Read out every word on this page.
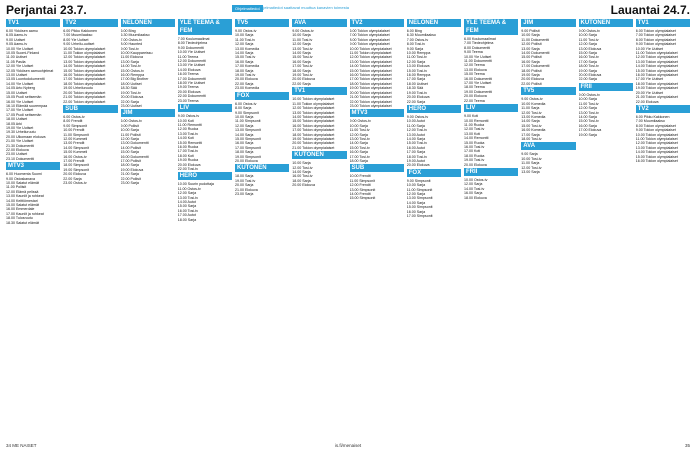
Perjantai 23.7.	Ohjelmatiedot
Ohjelmatiedot saattavat muuttua kanavien toimesta	Lauantai 24.7.
TV1
6.00 Ykkösen aamu
6.05 Aamu-tv
9.00 Uutiset
9.05 Aamu-tv
10.00 Yle Uutiset
10.05 Suomi-Finland
11.00 Uutiset
11.05 Pasila
12.00 Yle Uutiset
12.05 Ykkösen aamuohjelmat
13.00 Uutiset
13.05 Luontodokumentti
14.00 Yle Uutiset
14.05 Arto Nyberg
15.00 Uutiset
15.05 Puoli seitsemän
16.00 Yle Uutiset
16.10 Elämää suurempaa
17.00 Yle Uutiset
17.05 Puoli seitsemän
18.00 Uutiset
18.05 Arki
19.00 Yle Uutiset
19.30 Urheiluruutu
20.00 Ulkomaan elokuva
21.00 Yle Uutiset
21.30 Dokumentti
22.00 Elokuva
23.00 Uutiset
23.10 Dokumentti
MTV3
6.00 Huomenta Suomi
9.00 Ostoskanava
10.00 Salatut elämät
11.00 Poliisit
12.00 Elämä pelissä
13.00 Kauniit ja rohkeat
14.00 Keittiömestari
15.00 Salatut elämät
16.00 Emmerdale
17.00 Kauniit ja rohkeat
18.00 Tulosruutu
18.30 Salatut elämät
TV2
6.00 Pikku Kakkonen
7.00 Muumilaakso
8.00 Yle Uutiset
9.00 Urheilu-uutiset
10.00 Tokion olympialaiset
11.00 Tokion olympialaiset
12.00 Tokion olympialaiset
13.00 Tokion olympialaiset
14.00 Tokion olympialaiset
15.00 Tokion olympialaiset
16.00 Tokion olympialaiset
17.00 Tokion olympialaiset
18.00 Tokion olympialaiset
19.00 Urheiluruutu
20.00 Tokion olympialaiset
21.00 Tokion olympialaiset
22.00 Tokion olympialaiset
SUB
6.00 Ostos-tv
8.00 Frendit
9.00 Simpsonit
10.00 Frendit
11.00 Simpsonit
12.00 Kummeli
13.00 Frendit
14.00 Simpsonit
15.00 Kummeli
16.00 Ostos-tv
17.00 Frendit
18.00 Simpsonit
19.00 Simpsonit
20.00 Elokuva
22.00 Sarja
23.00 Ostos-tv
NELONEN
6.00 Bing
6.30 Muumilaakso
7.00 Ostos-tv
8.00 Haunted
9.00 Tosi-tv
10.00 Kauppareissu
11.00 Elokuva
13.00 Sarja
14.00 Tosi-tv
15.00 Ostos-tv
16.00 Remppa
17.00 Big Brother
18.00 Uutiset
18.30 Sää
19.00 Tosi-tv
20.00 Elokuva
22.00 Sarja
23.00 Uutiset
JIM
6.00 Ostos-tv
9.00 Poliisit
10.00 Sarja
11.00 Poliisit
12.00 Sarja
13.00 Dokumentti
14.00 Poliisit
15.00 Sarja
16.00 Dokumentti
17.00 Poliisit
18.00 Sarja
19.00 Elokuva
21.00 Sarja
22.00 Poliisit
23.00 Sarja
YLE TEEMA & FEM
7.00 Koulumaailmat
8.00 Tiedeohjelma
9.00 Dokumentti
10.00 Yle Uutiset
11.00 Teema
12.00 Dokumentti
13.00 Yle Uutiset
14.00 Elokuva
16.00 Teema
17.00 Dokumentti
18.00 Yle Uutiset
19.00 Teema
20.00 Elokuva
22.00 Dokumentti
23.00 Teema
LIV
9.00 Ostos-tv
10.00 Koti
11.00 Remontti
12.00 Ruoka
13.00 Tosi-tv
14.00 Koti
15.00 Remontti
16.00 Ruoka
17.00 Tosi-tv
18.00 Koti
19.00 Ruoka
20.00 Elokuva
22.00 Tosi-tv
HERO
10.00 Suurin pudottaja
11.00 Ostos-tv
12.00 Sarja
13.00 Tosi-tv
14.00 Autot
15.00 Sarja
16.00 Tosi-tv
17.00 Autot
18.00 Sarja
TV5
9.00 Ostos-tv
10.00 Sarja
11.00 Tosi-tv
12.00 Sarja
13.00 Komedia
14.00 Sarja
15.00 Tosi-tv
16.00 Sarja
17.00 Komedia
18.00 Sarja
19.00 Tosi-tv
20.00 Elokuva
22.00 Sarja
23.00 Komedia
FOX
6.00 Ostos-tv
8.00 Sarja
9.00 Simpsonit
10.00 Sarja
11.00 Simpsonit
12.00 Sarja
13.00 Simpsonit
14.00 Sarja
15.00 Simpsonit
16.00 Sarja
17.00 Simpsonit
18.00 Sarja
19.00 Simpsonit
20.00 Elokuva
KUTONEN
18.00 Sarja
19.00 Tosi-tv
20.00 Sarja
21.00 Elokuva
23.00 Sarja
AVA
9.00 Ostos-tv
10.00 Sarja
11.00 Tosi-tv
12.00 Sarja
13.00 Tosi-tv
14.00 Sarja
15.00 Tosi-tv
16.00 Sarja
17.00 Tosi-tv
18.00 Sarja
19.00 Tosi-tv
20.00 Elokuva
22.00 Sarja
TV1
10.00 Tokion olympialaiset
11.00 Tokion olympialaiset
12.00 Tokion olympialaiset
13.00 Tokion olympialaiset
14.00 Tokion olympialaiset
15.00 Tokion olympialaiset
16.00 Tokion olympialaiset
17.00 Tokion olympialaiset
18.00 Tokion olympialaiset
19.00 Tokion olympialaiset
20.00 Tokion olympialaiset
21.00 Tokion olympialaiset
KUTONEN
10.00 Sarja
12.00 Tosi-tv
14.00 Sarja
16.00 Tosi-tv
18.00 Sarja
20.00 Elokuva
TV2
6.00 Tokion olympialaiset
7.00 Tokion olympialaiset
8.00 Tokion olympialaiset
9.00 Tokion olympialaiset
10.00 Tokion olympialaiset
11.00 Tokion olympialaiset
12.00 Tokion olympialaiset
13.00 Tokion olympialaiset
14.00 Tokion olympialaiset
15.00 Tokion olympialaiset
16.00 Tokion olympialaiset
17.00 Tokion olympialaiset
18.00 Tokion olympialaiset
19.00 Tokion olympialaiset
20.00 Tokion olympialaiset
21.00 Tokion olympialaiset
22.00 Tokion olympialaiset
23.00 Tokion olympialaiset
MTV3
9.00 Ostos-tv
10.00 Sarja
11.00 Tosi-tv
12.00 Sarja
13.00 Tosi-tv
14.00 Sarja
15.00 Tosi-tv
16.00 Sarja
17.00 Tosi-tv
18.00 Sarja
SUB
10.00 Frendit
11.00 Simpsonit
12.00 Frendit
13.00 Simpsonit
14.00 Frendit
15.00 Simpsonit
NELONEN
6.00 Bing
6.30 Muumilaakso
7.00 Ostos-tv
8.00 Tosi-tv
9.00 Sarja
10.00 Remppa
11.00 Tosi-tv
12.00 Sarja
13.00 Elokuva
15.00 Tosi-tv
16.00 Remppa
17.00 Sarja
18.00 Uutiset
18.30 Sää
19.00 Tosi-tv
20.00 Elokuva
22.00 Sarja
HERO
9.00 Ostos-tv
10.00 Autot
11.00 Sarja
12.00 Tosi-tv
13.00 Autot
14.00 Sarja
15.00 Tosi-tv
16.00 Autot
17.00 Sarja
18.00 Tosi-tv
19.00 Autot
20.00 Elokuva
FOX
9.00 Simpsonit
10.00 Sarja
11.00 Simpsonit
12.00 Sarja
13.00 Simpsonit
14.00 Sarja
15.00 Simpsonit
16.00 Sarja
17.00 Simpsonit
YLE TEEMA & FEM
6.00 Koulumaailmat
7.00 Tiedeohjelma
8.00 Dokumentti
9.00 Teema
10.00 Yle Uutiset
11.00 Dokumentti
12.00 Teema
13.00 Elokuva
15.00 Teema
16.00 Dokumentti
17.00 Yle Uutiset
18.00 Teema
19.00 Dokumentti
20.00 Elokuva
22.00 Teema
LIV
9.00 Koti
10.00 Remontti
11.00 Ruoka
12.00 Tosi-tv
13.00 Koti
14.00 Remontti
15.00 Ruoka
16.00 Tosi-tv
17.00 Koti
18.00 Ruoka
19.00 Tosi-tv
20.00 Elokuva
FRII
10.00 Ostos-tv
12.00 Sarja
14.00 Tosi-tv
16.00 Sarja
18.00 Elokuva
JIM
9.00 Poliisit
10.00 Sarja
11.00 Dokumentti
12.00 Poliisit
13.00 Sarja
14.00 Dokumentti
15.00 Poliisit
16.00 Sarja
17.00 Dokumentti
18.00 Poliisit
19.00 Sarja
20.00 Elokuva
22.00 Poliisit
TV5
9.00 Ostos-tv
10.00 Komedia
11.00 Sarja
12.00 Tosi-tv
13.00 Komedia
14.00 Sarja
15.00 Tosi-tv
16.00 Komedia
17.00 Sarja
18.00 Tosi-tv
AVA
9.00 Sarja
10.00 Tosi-tv
11.00 Sarja
12.00 Tosi-tv
13.00 Sarja
KUTONEN
9.00 Ostos-tv
10.00 Sarja
11.00 Tosi-tv
12.00 Sarja
13.00 Elokuva
15.00 Sarja
16.00 Tosi-tv
17.00 Sarja
18.00 Tosi-tv
19.00 Sarja
20.00 Elokuva
22.00 Sarja
FRII
9.00 Ostos-tv
10.00 Sarja
11.00 Tosi-tv
12.00 Sarja
13.00 Tosi-tv
14.00 Sarja
15.00 Tosi-tv
16.00 Sarja
17.00 Elokuva
19.00 Sarja
TV1
6.00 Tokion olympialaiset
7.00 Tokion olympialaiset
8.00 Tokion olympialaiset
9.00 Tokion olympialaiset
10.00 Yle Uutiset
11.00 Tokion olympialaiset
12.00 Tokion olympialaiset
13.00 Tokion olympialaiset
14.00 Tokion olympialaiset
15.00 Tokion olympialaiset
16.00 Tokion olympialaiset
17.00 Yle Uutiset
18.00 Tokion olympialaiset
19.00 Tokion olympialaiset
20.00 Yle Uutiset
21.00 Tokion olympialaiset
22.00 Elokuva
TV2
6.00 Pikku Kakkonen
7.00 Muumilaakso
8.00 Tokion olympialaiset
9.00 Tokion olympialaiset
10.00 Tokion olympialaiset
11.00 Tokion olympialaiset
12.00 Tokion olympialaiset
13.00 Tokion olympialaiset
14.00 Tokion olympialaiset
15.00 Tokion olympialaiset
16.00 Tokion olympialaiset
34 ME NAISET	is.fi/menaiset	35
